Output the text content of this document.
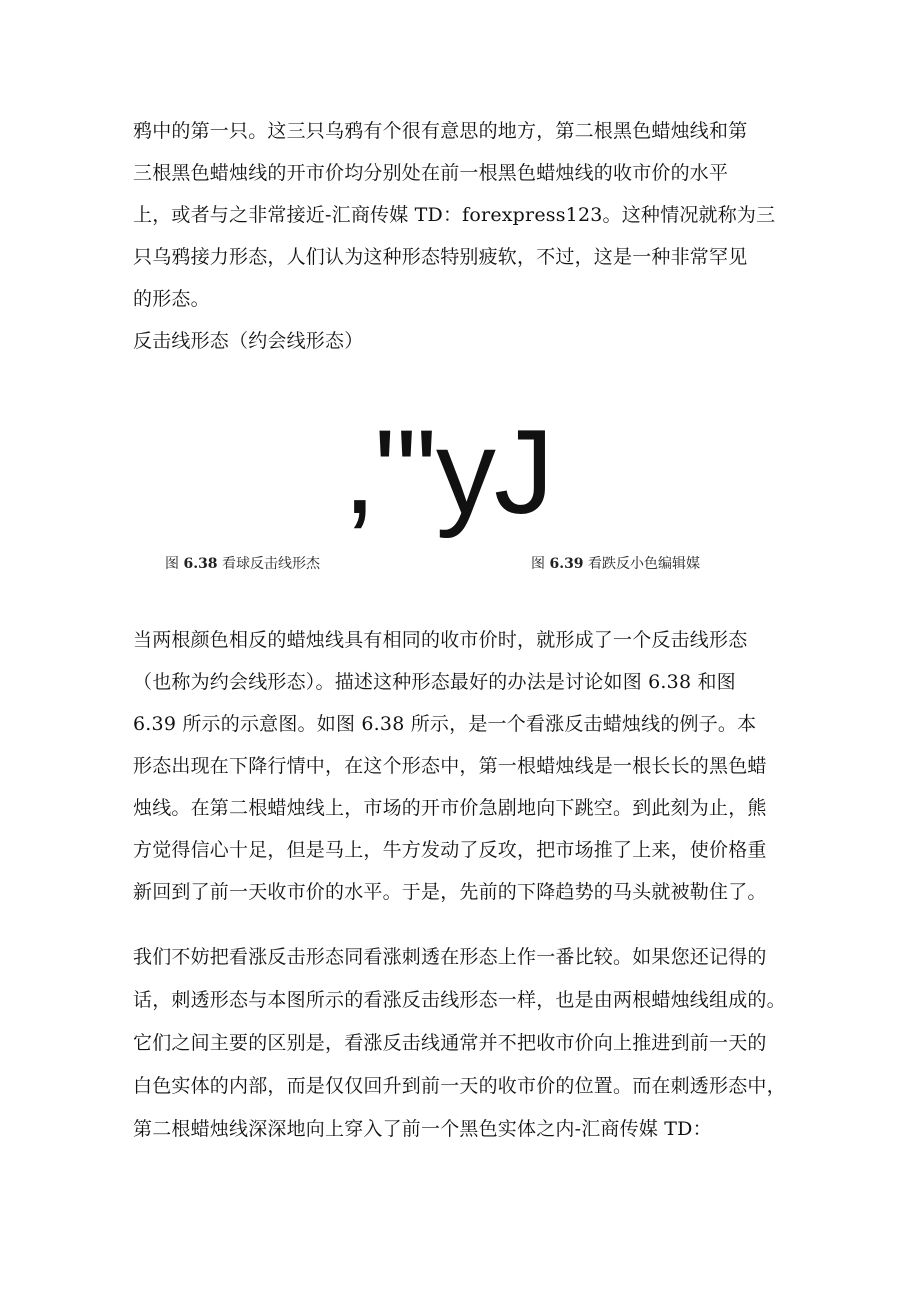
鸦中的第一只。这三只乌鸦有个很有意思的地方，第二根黑色蜡烛线和第
三根黑色蜡烛线的开市价均分别处在前一根黑色蜡烛线的收市价的水平
上，或者与之非常接近-汇商传媒 TD：forexpress123。这种情况就称为三
只乌鸦接力形态，人们认为这种形态特别疲软，不过，这是一种非常罕见
的形态。
反击线形态（约会线形态）
,"'yJ
图 6.38 看球反击线形杰	图 6.39 看跌反小色编辑媒
当两根颜色相反的蜡烛线具有相同的收市价时，就形成了一个反击线形态
（也称为约会线形态）。描述这种形态最好的办法是讨论如图 6.38 和图
6.39 所示的示意图。如图 6.38 所示，是一个看涨反击蜡烛线的例子。本
形态出现在下降行情中，在这个形态中，第一根蜡烛线是一根长长的黑色蜡
烛线。在第二根蜡烛线上，市场的开市价急剧地向下跳空。到此刻为止，熊
方觉得信心十足，但是马上，牛方发动了反攻，把市场推了上来，使价格重
新回到了前一天收市价的水平。于是，先前的下降趋势的马头就被勒住了。
我们不妨把看涨反击形态同看涨刺透在形态上作一番比较。如果您还记得的
话，刺透形态与本图所示的看涨反击线形态一样，也是由两根蜡烛线组成的。
它们之间主要的区别是，看涨反击线通常并不把收市价向上推进到前一天的
白色实体的内部，而是仅仅回升到前一天的收市价的位置。而在刺透形态中，
第二根蜡烛线深深地向上穿入了前一个黑色实体之内-汇商传媒 TD：
